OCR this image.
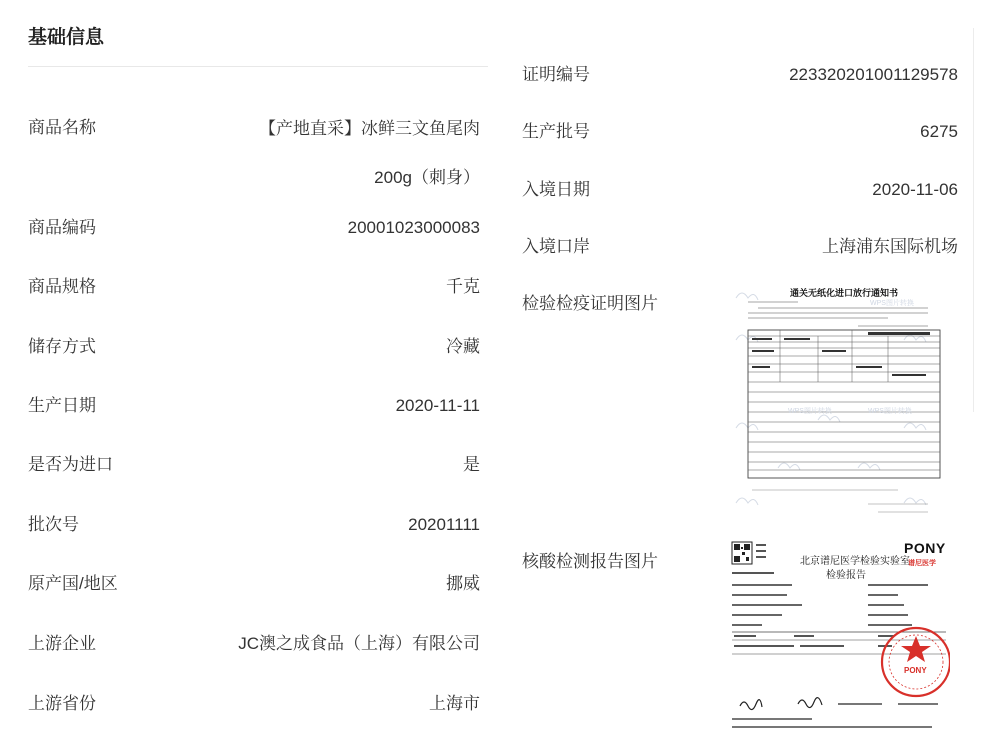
基础信息
商品名称	【产地直采】冰鲜三文鱼尾肉200g（刺身）
商品编码	20001023000083
商品规格	千克
储存方式	冷藏
生产日期	2020-11-11
是否为进口	是
批次号	20201111
原产国/地区	挪威
上游企业	JC澳之成食品（上海）有限公司
上游省份	上海市
证明编号	223320201001129578
生产批号	6275
入境日期	2020-11-06
入境口岸	上海浦东国际机场
检验检疫证明图片
核酸检测报告图片
WPS图片转换
WPS图片转换	WPS图片转换
通关无纸化进口放行通知书
北京谱尼医学检验实验室
检验报告
PONY
谱尼医学
PONY
